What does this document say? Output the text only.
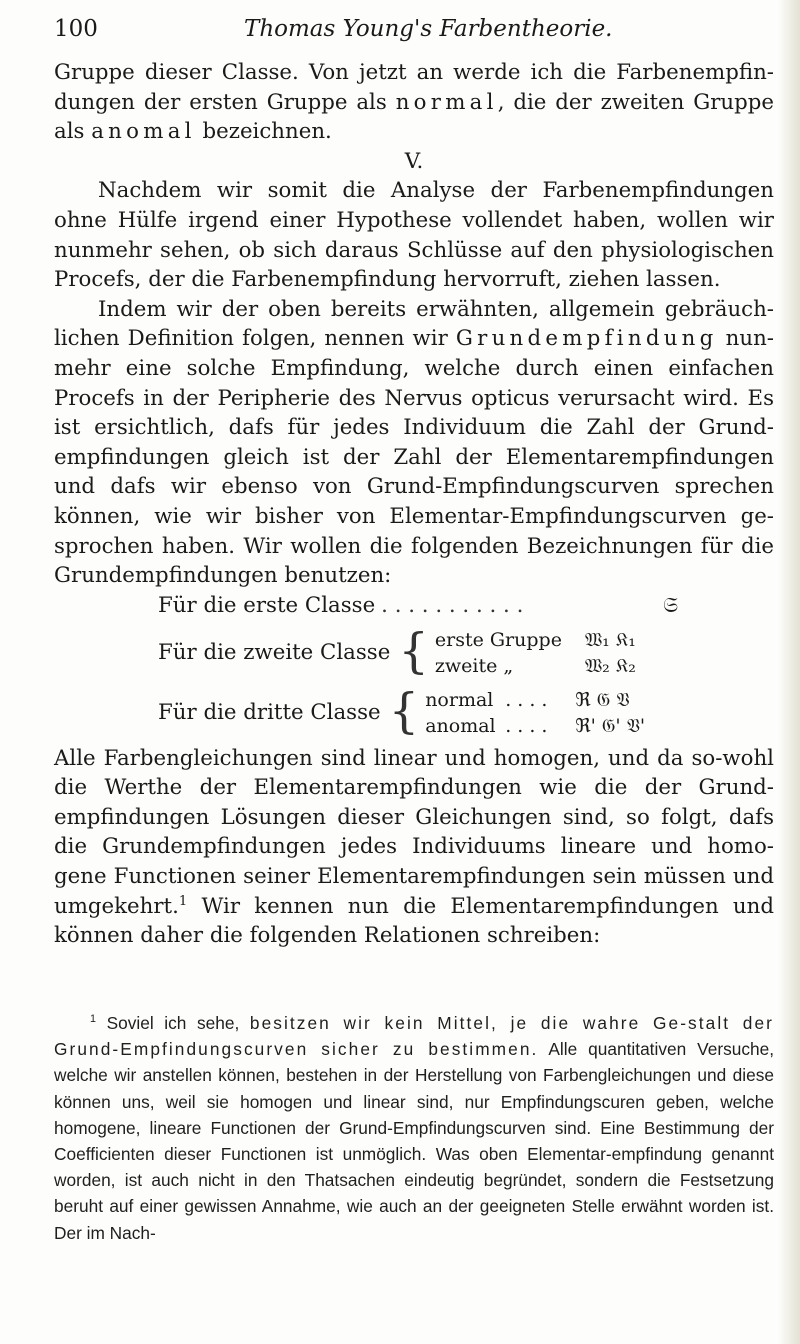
100	Thomas Young's Farbentheorie.

Gruppe dieser Classe. Von jetzt an werde ich die Farbenempfin-dungen der ersten Gruppe als normal, die der zweiten Gruppe als anomal bezeichnen.

V.

Nachdem wir somit die Analyse der Farbenempfindungen ohne Hülfe irgend einer Hypothese vollendet haben, wollen wir nunmehr sehen, ob sich daraus Schlüsse auf den physiologischen Procefs, der die Farbenempfindung hervorruft, ziehen lassen.

Indem wir der oben bereits erwähnten, allgemein gebräuch-lichen Definition folgen, nennen wir Grundempfindung nun-mehr eine solche Empfindung, welche durch einen einfachen Procefs in der Peripherie des Nervus opticus verursacht wird. Es ist ersichtlich, dafs für jedes Individuum die Zahl der Grund-empfindungen gleich ist der Zahl der Elementarempfindungen und dafs wir ebenso von Grund-Empfindungscurven sprechen können, wie wir bisher von Elementar-Empfindungscurven ge-sprochen haben. Wir wollen die folgenden Bezeichnungen für die Grundempfindungen benutzen:

Für die erste Classe . . . . . . . . . . .	𝔖
Für die zweite Classe { erste Gruppe	𝔚₁ 𝔎₁
zweite „	𝔚₂ 𝔎₂
Für die dritte Classe { normal . . . .	ℜ 𝔊 𝔙
anomal . . . .	ℜ' 𝔊' 𝔙'

Alle Farbengleichungen sind linear und homogen, und da so-wohl die Werthe der Elementarempfindungen wie die der Grund-empfindungen Lösungen dieser Gleichungen sind, so folgt, dafs die Grundempfindungen jedes Individuums lineare und homo-gene Functionen seiner Elementarempfindungen sein müssen und umgekehrt.$^1$ Wir kennen nun die Elementarempfindungen und können daher die folgenden Relationen schreiben:

$^1$ Soviel ich sehe, besitzen wir kein Mittel, je die wahre Ge-stalt der Grund-Empfindungscurven sicher zu bestimmen. Alle quantitativen Versuche, welche wir anstellen können, bestehen in der Herstellung von Farbengleichungen und diese können uns, weil sie homogen und linear sind, nur Empfindungscuren geben, welche homogene, lineare Functionen der Grund-Empfindungscurven sind. Eine Bestimmung der Coefficienten dieser Functionen ist unmöglich. Was oben Elementar-empfindung genannt worden, ist auch nicht in den Thatsachen eindeutig begründet, sondern die Festsetzung beruht auf einer gewissen Annahme, wie auch an der geeigneten Stelle erwähnt worden ist. Der im Nach-
